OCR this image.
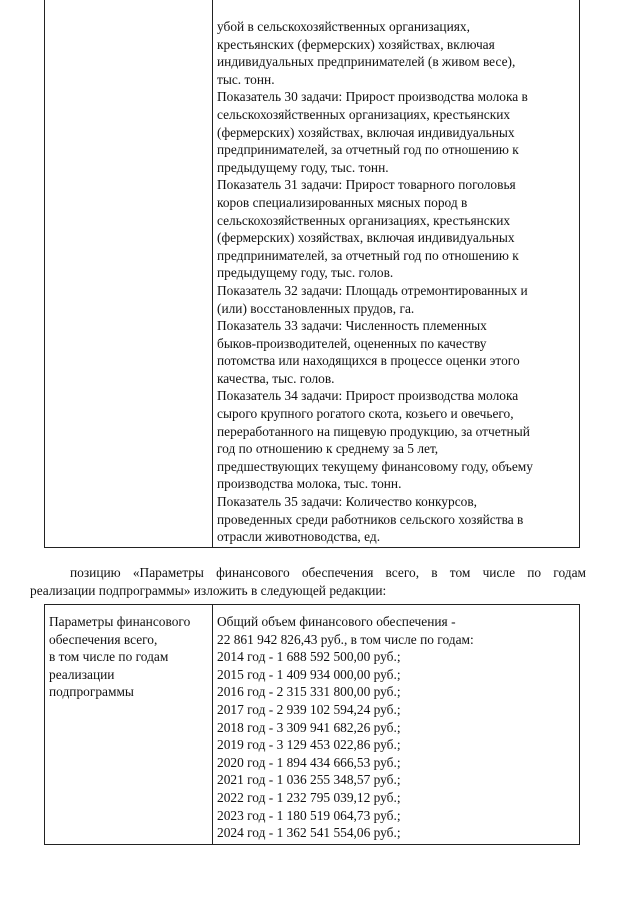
убой в сельскохозяйственных организациях,
крестьянских (фермерских) хозяйствах, включая
индивидуальных предпринимателей (в живом весе),
тыс. тонн.
Показатель 30 задачи: Прирост производства молока в
сельскохозяйственных организациях, крестьянских
(фермерских) хозяйствах, включая индивидуальных
предпринимателей, за отчетный год по отношению к
предыдущему году, тыс. тонн.
Показатель 31 задачи: Прирост товарного поголовья
коров специализированных мясных пород в
сельскохозяйственных организациях, крестьянских
(фермерских) хозяйствах, включая индивидуальных
предпринимателей, за отчетный год по отношению к
предыдущему году, тыс. голов.
Показатель 32 задачи: Площадь отремонтированных и
(или) восстановленных прудов, га.
Показатель 33 задачи: Численность племенных
быков-производителей, оцененных по качеству
потомства или находящихся в процессе оценки этого
качества, тыс. голов.
Показатель 34 задачи: Прирост производства молока
сырого крупного рогатого скота, козьего и овечьего,
переработанного на пищевую продукцию, за отчетный
год по отношению к среднему за 5 лет,
предшествующих текущему финансовому году, объему
производства молока, тыс. тонн.
Показатель 35 задачи: Количество конкурсов,
проведенных среди работников сельского хозяйства в
отрасли животноводства, ед.

позицию «Параметры финансового обеспечения всего, в том числе по годам
реализации подпрограммы» изложить в следующей редакции:

Параметры финансового
обеспечения всего,
в том числе по годам
реализации
подпрограммы
Общий объем финансового обеспечения -
22 861 942 826,43 руб., в том числе по годам:
2014 год - 1 688 592 500,00 руб.;
2015 год - 1 409 934 000,00 руб.;
2016 год - 2 315 331 800,00 руб.;
2017 год - 2 939 102 594,24 руб.;
2018 год - 3 309 941 682,26 руб.;
2019 год - 3 129 453 022,86 руб.;
2020 год - 1 894 434 666,53 руб.;
2021 год - 1 036 255 348,57 руб.;
2022 год - 1 232 795 039,12 руб.;
2023 год - 1 180 519 064,73 руб.;
2024 год - 1 362 541 554,06 руб.;
